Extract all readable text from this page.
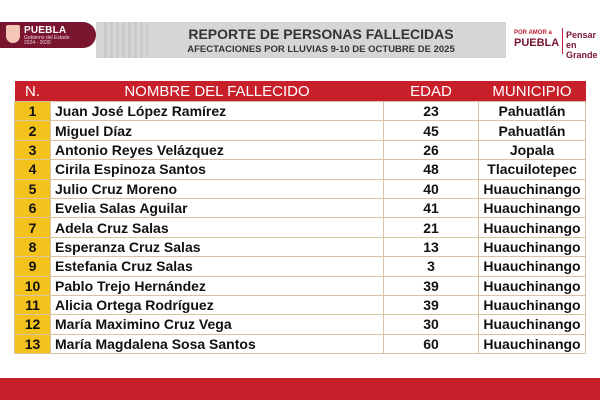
PUEBLA
Gobierno del Estado
2024 - 2030
REPORTE DE PERSONAS FALLECIDAS
AFECTACIONES POR LLUVIAS 9-10 DE OCTUBRE DE 2025
POR AMOR a
PUEBLA
Pensar en Grande
N.	NOMBRE DEL FALLECIDO	EDAD	MUNICIPIO
1	Juan José López Ramírez	23	Pahuatlán
2	Miguel Díaz	45	Pahuatlán
3	Antonio Reyes Velázquez	26	Jopala
4	Cirila Espinoza Santos	48	Tlacuilotepec
5	Julio Cruz Moreno	40	Huauchinango
6	Evelia Salas Aguilar	41	Huauchinango
7	Adela Cruz Salas	21	Huauchinango
8	Esperanza Cruz Salas	13	Huauchinango
9	Estefania Cruz Salas	3	Huauchinango
10	Pablo Trejo Hernández	39	Huauchinango
11	Alicia Ortega Rodríguez	39	Huauchinango
12	María Maximino Cruz Vega	30	Huauchinango
13	María Magdalena Sosa Santos	60	Huauchinango
